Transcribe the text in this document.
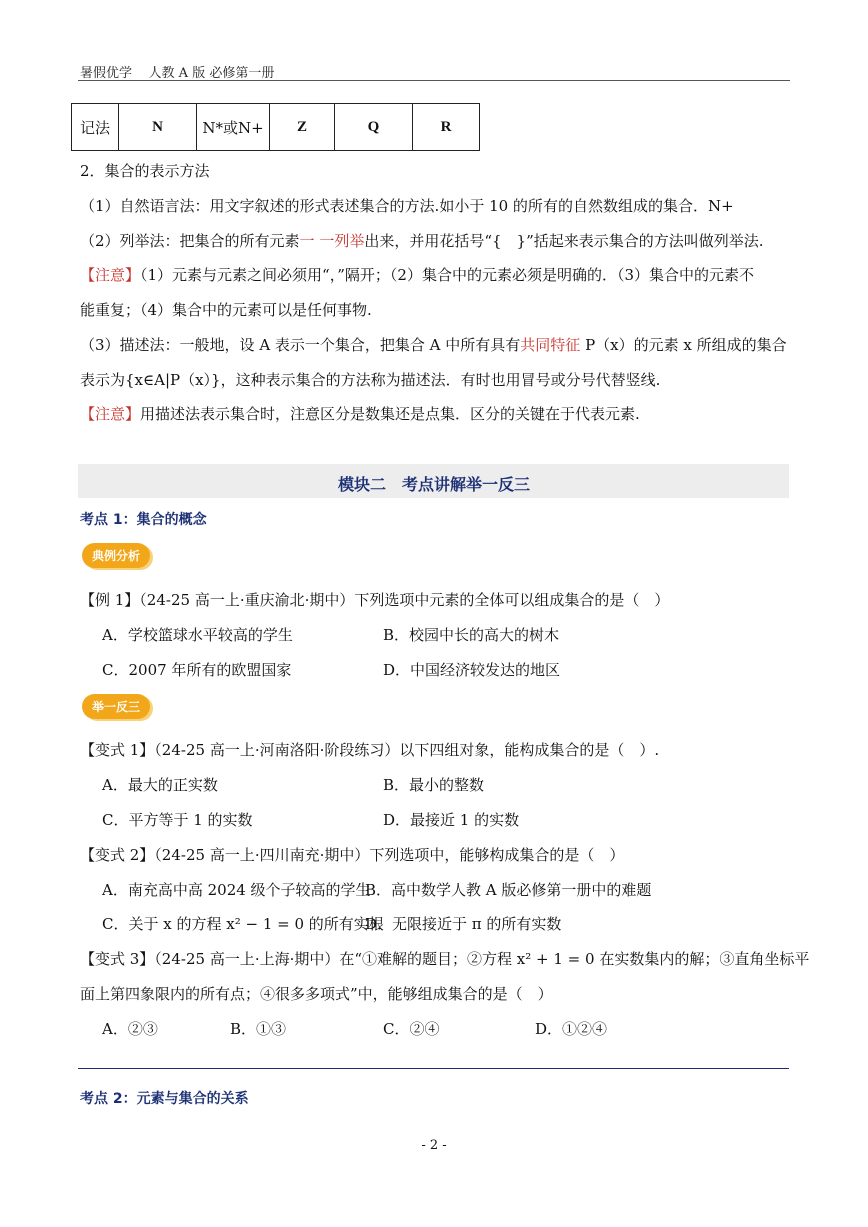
暑假优学 人教 A 版 必修第一册
记法	N	N*或N+	Z	Q	R
2．集合的表示方法
（1）自然语言法：用文字叙述的形式表述集合的方法.如小于 10 的所有的自然数组成的集合．N+
（2）列举法：把集合的所有元素一 一列举出来，并用花括号“{　}”括起来表示集合的方法叫做列举法.
【注意】（1）元素与元素之间必须用“，”隔开；（2）集合中的元素必须是明确的．（3）集合中的元素不
能重复；（4）集合中的元素可以是任何事物.
（3）描述法：一般地，设 A 表示一个集合，把集合 A 中所有具有共同特征 P（x）的元素 x 所组成的集合
表示为{x∈A|P（x）}，这种表示集合的方法称为描述法．有时也用冒号或分号代替竖线.
【注意】用描述法表示集合时，注意区分是数集还是点集．区分的关键在于代表元素.
模块二　考点讲解举一反三
考点 1：集合的概念
典例分析
【例 1】（24-25 高一上·重庆渝北·期中）下列选项中元素的全体可以组成集合的是（　）
A．学校篮球水平较高的学生	B．校园中长的高大的树木
C．2007 年所有的欧盟国家	D．中国经济较发达的地区
举一反三
【变式 1】（24-25 高一上·河南洛阳·阶段练习）以下四组对象，能构成集合的是（　）.
A．最大的正实数	B．最小的整数
C．平方等于 1 的实数	D．最接近 1 的实数
【变式 2】（24-25 高一上·四川南充·期中）下列选项中，能够构成集合的是（　）
A．南充高中高 2024 级个子较高的学生
B．高中数学人教 A 版必修第一册中的难题
C．关于 x 的方程 x² − 1 = 0 的所有实根
D．无限接近于 π 的所有实数
【变式 3】（24-25 高一上·上海·期中）在“①难解的题目；②方程 x² + 1 = 0 在实数集内的解；③直角坐标平
面上第四象限内的所有点；④很多多项式”中，能够组成集合的是（　）
A．②③	B．①③	C．②④	D．①②④
考点 2：元素与集合的关系
- 2 -
